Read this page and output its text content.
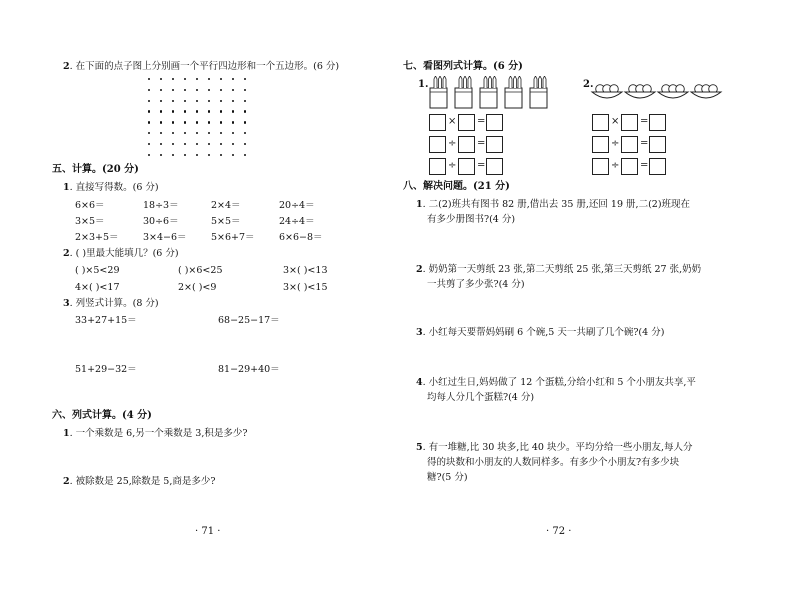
2. 在下面的点子图上分别画一个平行四边形和一个五边形。(6 分)
五、计算。(20 分)
1. 直接写得数。(6 分)
6×6＝	18÷3＝	2×4＝	20÷4＝
3×5＝	30÷6＝	5×5＝	24÷4＝
2×3+5＝	3×4−6＝	5×6+7＝	6×6−8＝
2. ( )里最大能填几？(6 分)
( )×5<29	( )×6<25	3×( )<13
4×( )<17	2×( )<9	3×( )<15
3. 列竖式计算。(8 分)
33+27+15＝	68−25−17＝
51+29−32＝	81−29+40＝
六、列式计算。(4 分)
1. 一个乘数是 6,另一个乘数是 3,积是多少?
2. 被除数是 25,除数是 5,商是多少?
· 71 ·
七、看图列式计算。(6 分)
1.	2.
× =
÷ =
÷ =
× =
÷ =
÷ =
八、解决问题。(21 分)
1. 二(2)班共有图书 82 册,借出去 35 册,还回 19 册,二(2)班现在
有多少册图书?(4 分)
2. 奶奶第一天剪纸 23 张,第二天剪纸 25 张,第三天剪纸 27 张,奶奶
一共剪了多少张?(4 分)
3. 小红每天要帮妈妈刷 6 个碗,5 天一共刷了几个碗?(4 分)
4. 小红过生日,妈妈做了 12 个蛋糕,分给小红和 5 个小朋友共享,平
均每人分几个蛋糕?(4 分)
5. 有一堆糖,比 30 块多,比 40 块少。平均分给一些小朋友,每人分
得的块数和小朋友的人数同样多。有多少个小朋友?有多少块
糖?(5 分)
· 72 ·
